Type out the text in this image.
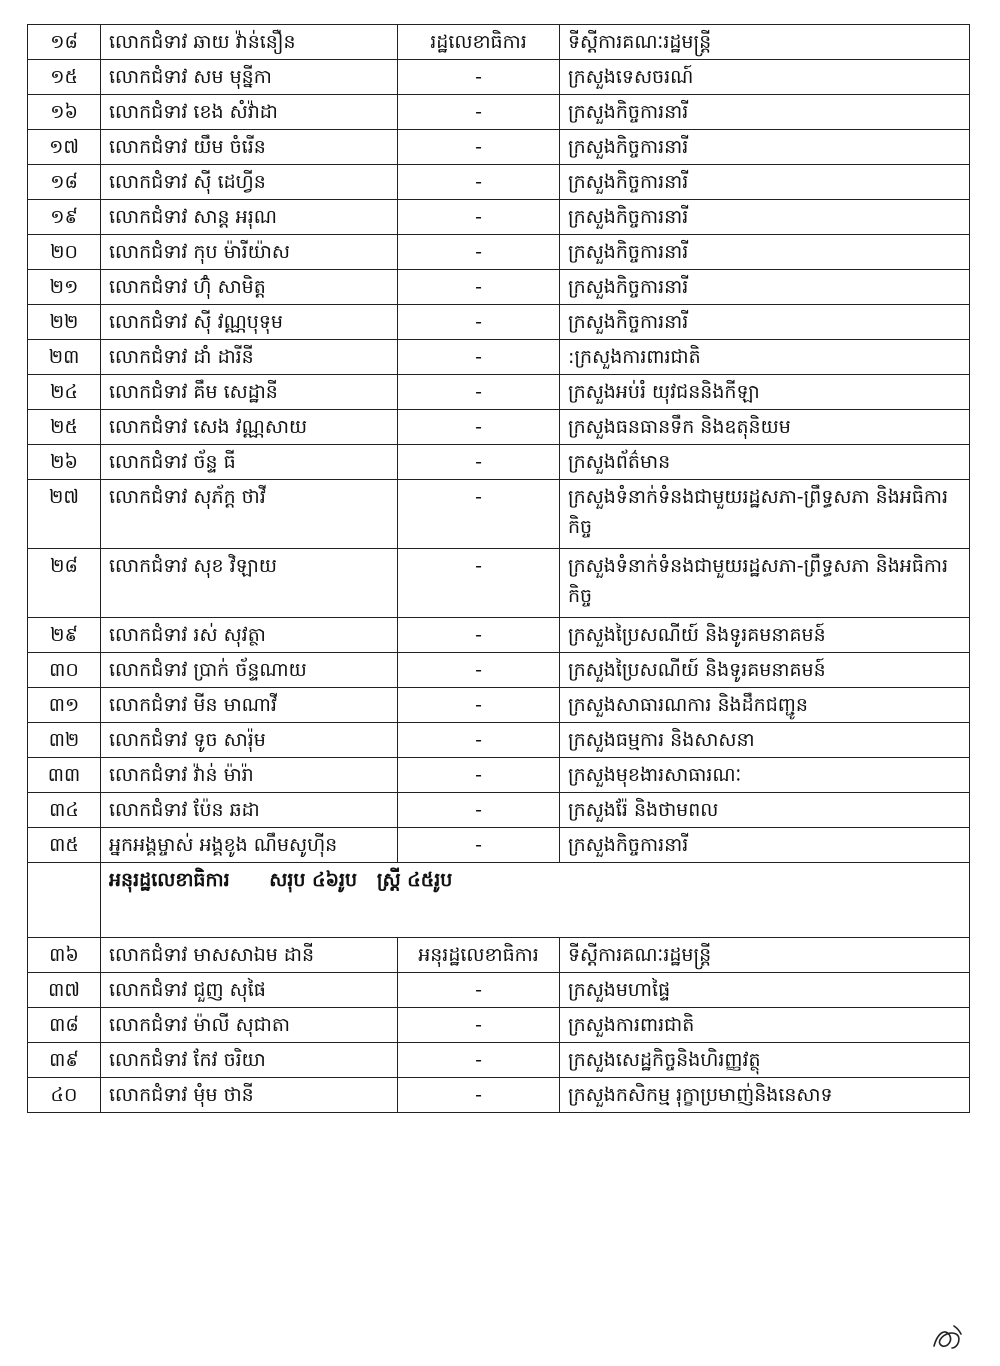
១៨	លោកជំទាវ ឆាយ វ៉ាន់នឿន	រដ្ឋលេខាធិការ	ទីស្តីការគណៈរដ្ឋមន្ត្រី
១៥	លោកជំទាវ សម មុន្នីកា	-	ក្រសួងទេសចរណ៍
១៦	លោកជំទាវ ខេង សំវ៉ាដា	-	ក្រសួងកិច្ចការនារី
១៧	លោកជំទាវ យឹម ចំរើន	-	ក្រសួងកិច្ចការនារី
១៨	លោកជំទាវ ស៊ី ដេហ្វីន	-	ក្រសួងកិច្ចការនារី
១៩	លោកជំទាវ សាន្ត អរុណ	-	ក្រសួងកិច្ចការនារី
២០	លោកជំទាវ កុប ម៉ារីយ៉ាស	-	ក្រសួងកិច្ចការនារី
២១	លោកជំទាវ ហ៊ុំ សាមិត្ត	-	ក្រសួងកិច្ចការនារី
២២	លោកជំទាវ ស៊ី វណ្ណបុទុម	-	ក្រសួងកិច្ចការនារី
២៣	លោកជំទាវ ដាំ ដារីនី	-	:ក្រសួងការពារជាតិ
២៤	លោកជំទាវ គឹម សេដ្ឋានី	-	ក្រសួងអប់រំ យុវជននិងកីឡា
២៥	លោកជំទាវ សេង វណ្ណសាយ	-	ក្រសួងធនធានទឹក និងឧតុនិយម
២៦	លោកជំទាវ ច័ន្ទ ធី	-	ក្រសួងព័ត៌មាន
២៧	លោកជំទាវ សុភ័ក្ត ថាវី	-	ក្រសួងទំនាក់ទំនងជាមួយរដ្ឋសភា-ព្រឹទ្ធសភា និងអធិការកិច្ច
២៨	លោកជំទាវ សុខ វិឡាយ	-	ក្រសួងទំនាក់ទំនងជាមួយរដ្ឋសភា-ព្រឹទ្ធសភា និងអធិការកិច្ច
២៩	លោកជំទាវ រស់ សុវត្ថា	-	ក្រសួងប្រៃសណីយ៍ និងទូរគមនាគមន៍
៣០	លោកជំទាវ ប្រាក់ ច័ន្ទណាយ	-	ក្រសួងប្រៃសណីយ៍ និងទូរគមនាគមន៍
៣១	លោកជំទាវ មីន មាណាវី	-	ក្រសួងសាធារណការ និងដឹកជញ្ជូន
៣២	លោកជំទាវ ទូច សារ៉ុម	-	ក្រសួងធម្មការ និងសាសនា
៣៣	លោកជំទាវ វ៉ាន់ ម៉ារ៉ា	-	ក្រសួងមុខងារសាធារណៈ
៣៤	លោកជំទាវ ប៉ែន ឆដា	-	ក្រសួងរ៉ែ និងថាមពល
៣៥	អ្នកអង្គម្ចាស់ អង្គខូង ណឹមសូហ៊ីន	-	ក្រសួងកិច្ចការនារី
	អនុរដ្ឋលេខាធិការ      សរុប ៤៦រូប   ស្ត្រី ៤៥រូប		
៣៦	លោកជំទាវ មាសសាឯម ដានី	អនុរដ្ឋលេខាធិការ	ទីស្តីការគណៈរដ្ឋមន្ត្រី
៣៧	លោកជំទាវ ជួញ សុផៃ	-	ក្រសួងមហាផ្ទៃ
៣៨	លោកជំទាវ ម៉ាលី សុជាតា	-	ក្រសួងការពារជាតិ
៣៩	លោកជំទាវ កែវ ចរិយា	-	ក្រសួងសេដ្ឋកិច្ចនិងហិរញ្ញវត្ថុ
៤០	លោកជំទាវ មុំម ថានី	-	ក្រសួងកសិកម្ម រុក្ខាប្រមាញ់និងនេសាទ
